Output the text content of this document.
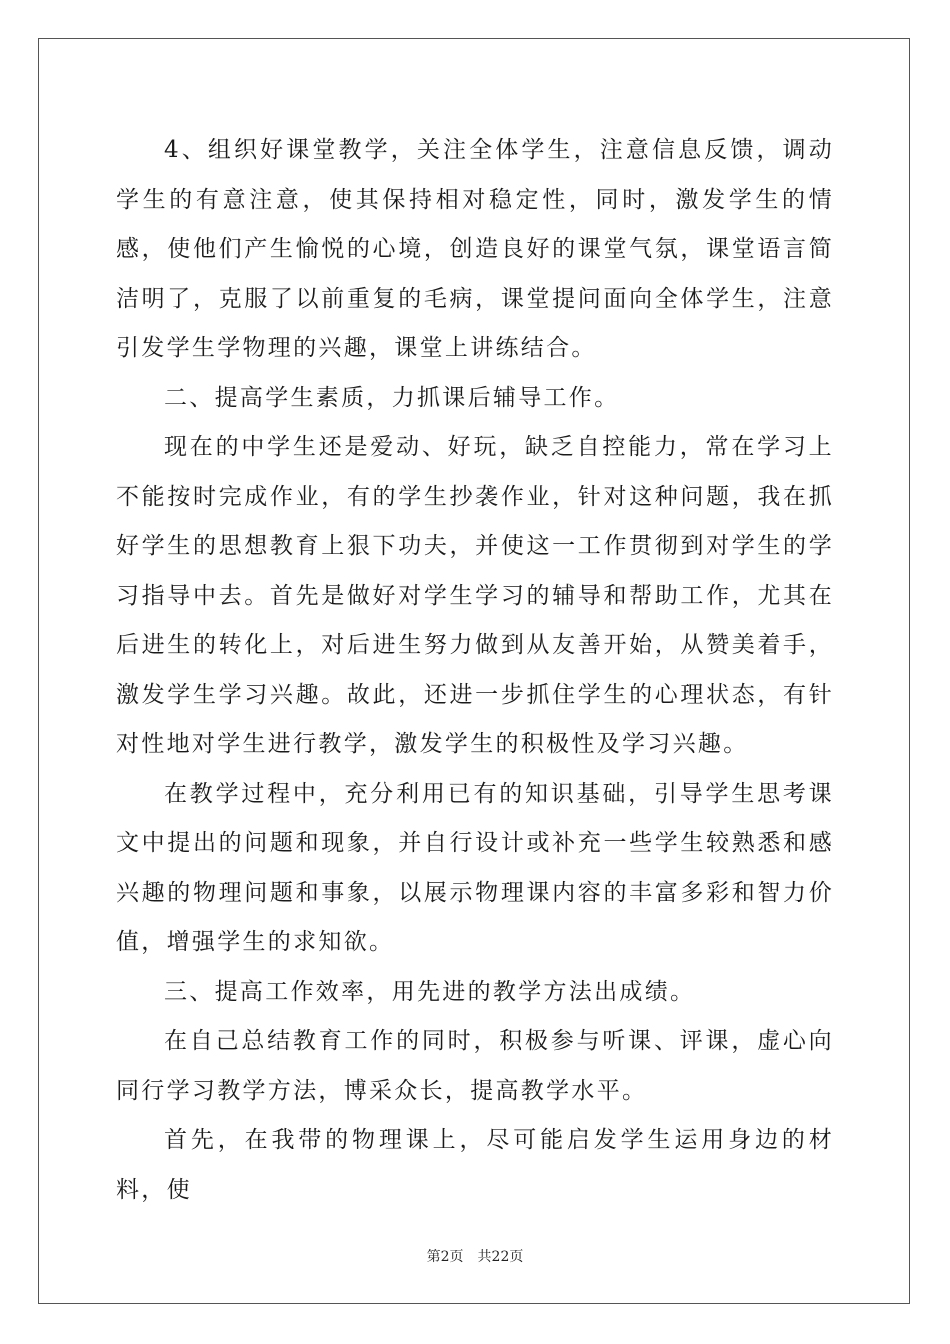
4、组织好课堂教学，关注全体学生，注意信息反馈，调动学生的有意注意，使其保持相对稳定性，同时，激发学生的情感，使他们产生愉悦的心境，创造良好的课堂气氛，课堂语言简洁明了，克服了以前重复的毛病，课堂提问面向全体学生，注意引发学生学物理的兴趣，课堂上讲练结合。

二、提高学生素质，力抓课后辅导工作。

现在的中学生还是爱动、好玩，缺乏自控能力，常在学习上不能按时完成作业，有的学生抄袭作业，针对这种问题，我在抓好学生的思想教育上狠下功夫，并使这一工作贯彻到对学生的学习指导中去。首先是做好对学生学习的辅导和帮助工作，尤其在后进生的转化上，对后进生努力做到从友善开始，从赞美着手，激发学生学习兴趣。故此，还进一步抓住学生的心理状态，有针对性地对学生进行教学，激发学生的积极性及学习兴趣。

在教学过程中，充分利用已有的知识基础，引导学生思考课文中提出的问题和现象，并自行设计或补充一些学生较熟悉和感兴趣的物理问题和事象，以展示物理课内容的丰富多彩和智力价值，增强学生的求知欲。

三、提高工作效率，用先进的教学方法出成绩。

在自己总结教育工作的同时，积极参与听课、评课，虚心向同行学习教学方法，博采众长，提高教学水平。

首先，在我带的物理课上，尽可能启发学生运用身边的材料，使

第2页 共22页
